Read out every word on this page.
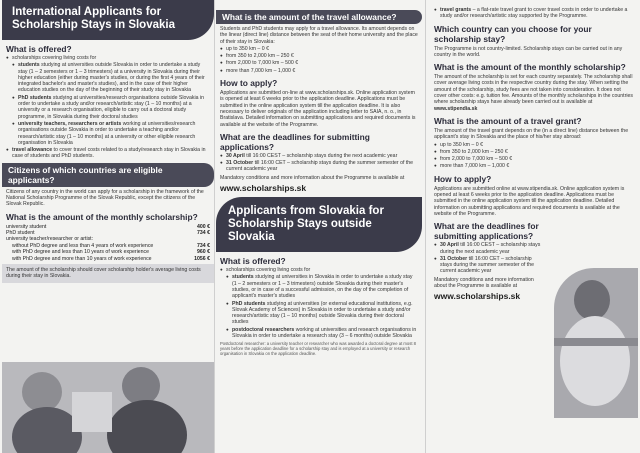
International Applicants for Scholarship Stays in Slovakia
What is offered?
● scholarships covering living costs for
● students studying at universities outside Slovakia in order to undertake a study stay (1 – 2 semesters or 1 – 3 trimesters) at a university in Slovakia during their higher education (either during master's studies, or during the first 4 years of their integrated bachelor's and master's studies), and in the case of their higher education studies on the day of the beginning of their study stay in Slovakia
● PhD students studying at universities/research organisations outside Slovakia in order to undertake a study and/or research/artistic stay (1 – 10 months) at a university or a research organisation, eligible to carry out a doctoral study programme, in Slovakia during their doctoral studies
● university teachers, researchers or artists working at universities/research organisations outside Slovakia in order to undertake a teaching and/or research/artistic stay (1 – 10 months) at a university or other eligible research organisation in Slovakia
● travel allowance to cover travel costs related to a study/research stay in Slovakia in case of students and PhD students.
Citizens of which countries are eligible applicants?

Citizens of any country in the world can apply for a scholarship in the framework of the National Scholarship Programme of the Slovak Republic, except the citizens of the Slovak Republic.

What is the amount of the monthly scholarship?
university student	400 €
PhD student	734 €
university teacher/researcher or artist:
without PhD degree and less than 4 years of work experience	734 €
with PhD degree and less than 10 years of work experience	960 €
with PhD degree and more than 10 years of work experience	1056 €

The amount of the scholarship should cover scholarship holder's average living costs during their stay in Slovakia.

What is the amount of the travel allowance?

Students and PhD students may apply for a travel allowance. Its amount depends on the linear (direct line) distance between the seat of their home university and the place of their stay in Slovakia:

● up to 350 km – 0 €
● from 350 to 2,000 km – 250 €
● from 2,000 to 7,000 km – 500 €
● more than 7,000 km – 1,000 €
How to apply?

Applications are submitted on-line at www.scholarships.sk. Online application system is opened at least 6 weeks prior to the application deadline. Applications must be submitted in the online application system till the application deadline. It is also necessary to deliver originals of the application including letter to SAIA, n. o., in Bratislava. Detailed information on submitting applications and required documents is available at the website of the Programme.

What are the deadlines for submitting applications?
● 30 April till 16:00 CEST – scholarship stays during the next academic year
● 31 October till 16:00 CET – scholarship stays during the summer semester of the current academic year

Mandatory conditions and more information about the Programme is available at

www.scholarships.sk
Applicants from Slovakia for Scholarship Stays outside Slovakia
What is offered?
● scholarships covering living costs for
● students studying at universities in Slovakia in order to undertake a study stay (1 – 2 semesters or 1 – 3 trimesters) outside Slovakia during their master's studies, or in case of a successful admission, on the day of the completion of applicant's master's studies
● PhD students studying at universities (or external educational institutions, e.g. Slovak Academy of Sciences) in Slovakia in order to undertake a study and/or research/artistic stay (1 – 10 months) outside Slovakia during their doctoral studies
● postdoctoral researchers working at universities and research organisations in Slovakia in order to undertake a research stay (3 – 6 months) outside Slovakia

Postdoctoral researcher: a university teacher or researcher who was awarded a doctoral degree at most 8 years before the application deadline for a scholarship stay and is employed at a university or research organisation in Slovakia on the application deadline.

● travel grants – a flat-rate travel grant to cover travel costs in order to undertake a study and/or research/artistic stay supported by the Programme.
Which country can you choose for your scholarship stay?

The Programme is not country-limited. Scholarship stays can be carried out in any country in the world.

What is the amount of the monthly scholarship?

The amount of the scholarship is set for each country separately. The scholarship shall cover average living costs in the respective country during the stay. When setting the amount of the scholarship, study fees are not taken into consideration. It does not cover other costs: e.g. tuition fee. Amounts of the monthly scholarships in the countries where scholarship stays have already been carried out is available at www.stipendia.sk

What is the amount of a travel grant?

The amount of the travel grant depends on the (in a direct line) distance between the applicant's stay in Slovakia and the place of his/her stay abroad:

● up to 350 km – 0 €
● from 350 to 2,000 km – 250 €
● from 2,000 to 7,000 km – 500 €
● more than 7,000 km – 1,000 €
How to apply?

Applications are submitted online at www.stipendia.sk. Online application system is opened at least 6 weeks prior to the application deadline. Applications must be submitted in the online application system till the application deadline. Detailed information on submitting applications and required documents is available at the website of the Programme.

What are the deadlines for submitting applications?
● 30 April till 16:00 CEST – scholarship stays during the next academic year
● 31 October till 16:00 CET – scholarship stays during the summer semester of the current academic year

Mandatory conditions and more information about the Programme is available at

www.scholarships.sk
